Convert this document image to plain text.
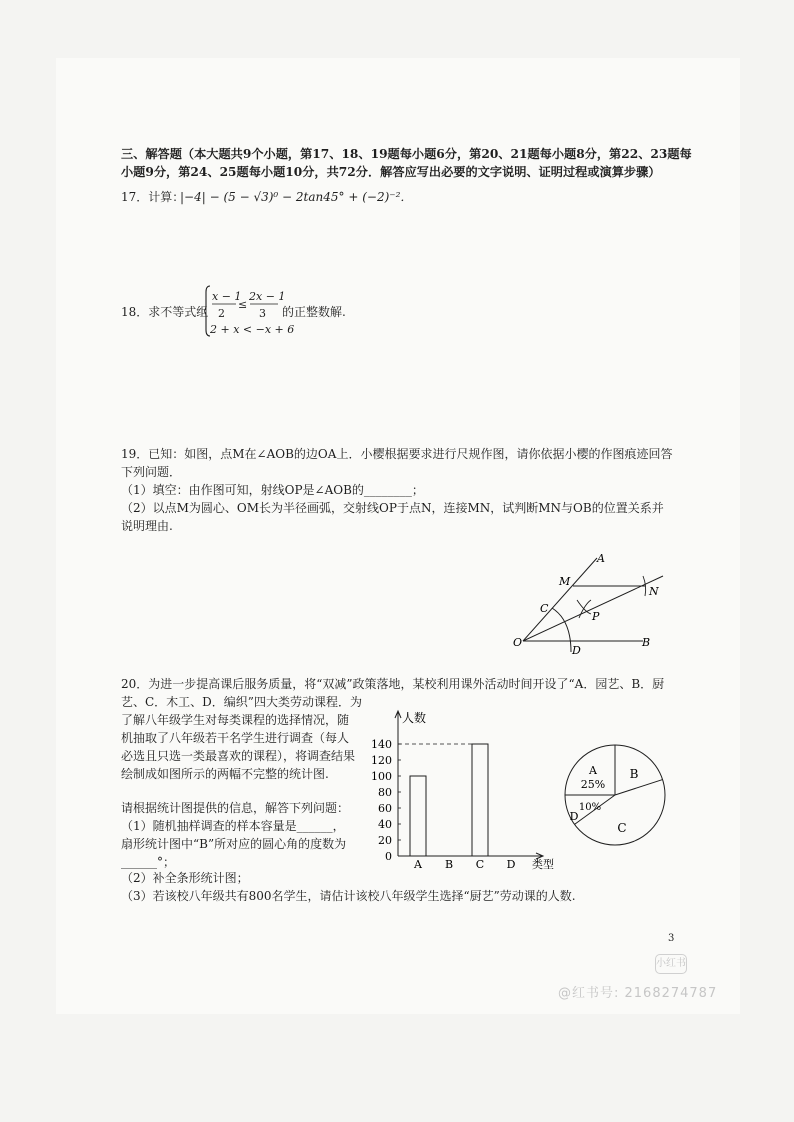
三、解答题（本大题共9个小题，第17、18、19题每小题6分，第20、21题每小题8分，第22、23题每
小题9分，第24、25题每小题10分，共72分．解答应写出必要的文字说明、证明过程或演算步骤）
17．计算：
|−4| − (5 − √3)⁰ − 2tan45° + (−2)⁻²．
18．求不等式组
x − 1
2
≤
2x − 1
3
2 + x < −x + 6
的正整数解.
19．已知：如图，点M在∠AOB的边OA上．小樱根据要求进行尺规作图，请你依据小樱的作图痕迹回答
下列问题．
（1）填空：由作图可知，射线OP是∠AOB的________；
（2）以点M为圆心、OM长为半径画弧，交射线OP于点N，连接MN，试判断MN与OB的位置关系并
说明理由.
A
M
N
C
P
O
D
B
20．为进一步提高课后服务质量，将“双减”政策落地，某校利用课外活动时间开设了“A．园艺、B．厨
艺、C．木工、D．编织”四大类劳动课程．为
了解八年级学生对每类课程的选择情况，随
机抽取了八年级若干名学生进行调查（每人
必选且只选一类最喜欢的课程），将调查结果
绘制成如图所示的两幅不完整的统计图.
请根据统计图提供的信息，解答下列问题：
（1）随机抽样调查的样本容量是______，
扇形统计图中“B”所对应的圆心角的度数为
______°；
（2）补全条形统计图；
（3）若该校八年级共有800名学生，请估计该校八年级学生选择“厨艺”劳动课的人数.
人数
类型
0
20
40
60
80
100
120
140
A B C D
A
25%
B
C
10%
D
3
小红书
@红书号: 2168274787
